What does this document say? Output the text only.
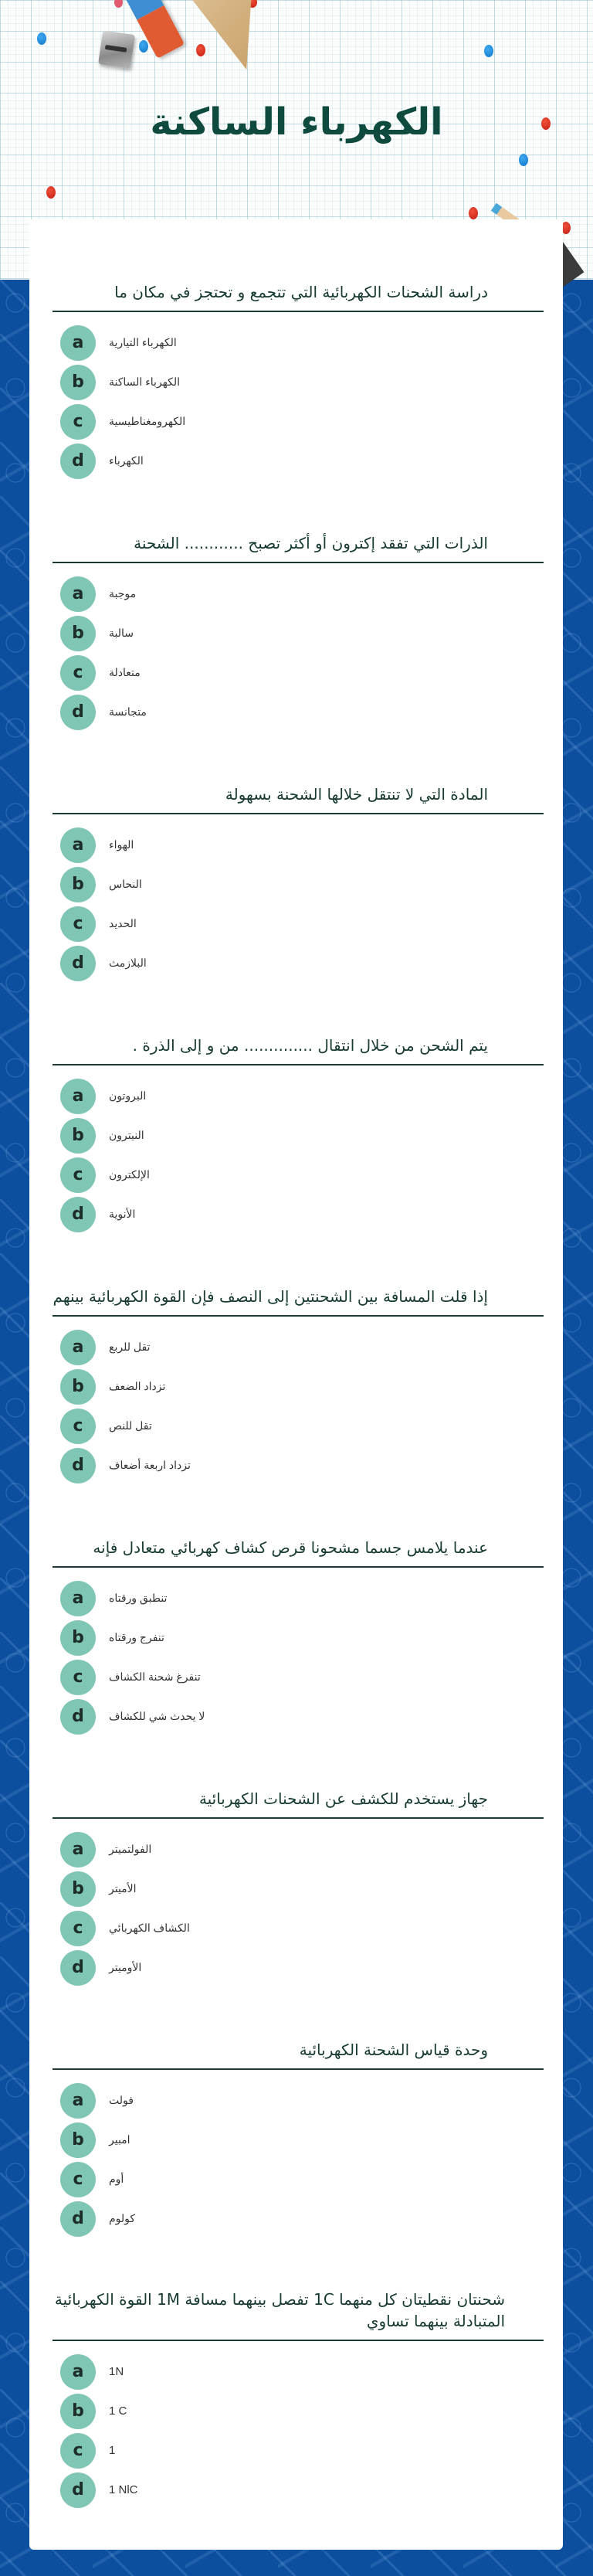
الكهرباء الساكنة
دراسة الشحنات الكهربائية التي تتجمع و تحتجز في مكان ما
a	الكهرباء التيارية
b	الكهرباء الساكنة
c	الكهرومغناطيسية
d	الكهرباء
الذرات التي تفقد إكترون أو أكثر تصبح ............ الشحنة
a	موجبة
b	سالبة
c	متعادلة
d	متجانسة
المادة التي لا تنتقل خلالها الشحنة بسهولة
a	الهواء
b	النحاس
c	الحديد
d	البلازمث
يتم الشحن من خلال انتقال .............. من و إلى الذرة .
a	البروتون
b	النيترون
c	الإلكترون
d	الأنوية
إذا قلت المسافة بين الشحنتين إلى النصف فإن القوة الكهربائية بينهم
a	تقل للربع
b	تزداد الضعف
c	تقل للنص
d	تزداد اربعة أضعاف
عندما يلامس جسما مشحونا قرص كشاف كهربائي متعادل فإنه
a	تنطبق ورقتاه
b	تنفرج ورقتاه
c	تنفرغ شحنة الكشاف
d	لا يحدث شي للكشاف
جهاز يستخدم للكشف عن الشحنات الكهربائية
a	الفولتميتر
b	الأميتر
c	الكشاف الكهربائي
d	الأوميتر
وحدة قياس الشحنة الكهربائية
a	فولت
b	امبير
c	أوم
d	كولوم
شحنتان نقطيتان كل منهما 1C تفصل بينهما مسافة 1M القوة الكهربائية المتبادلة بينهما تساوي
a	1N
b	1 C
c	1
d	1 NlC
